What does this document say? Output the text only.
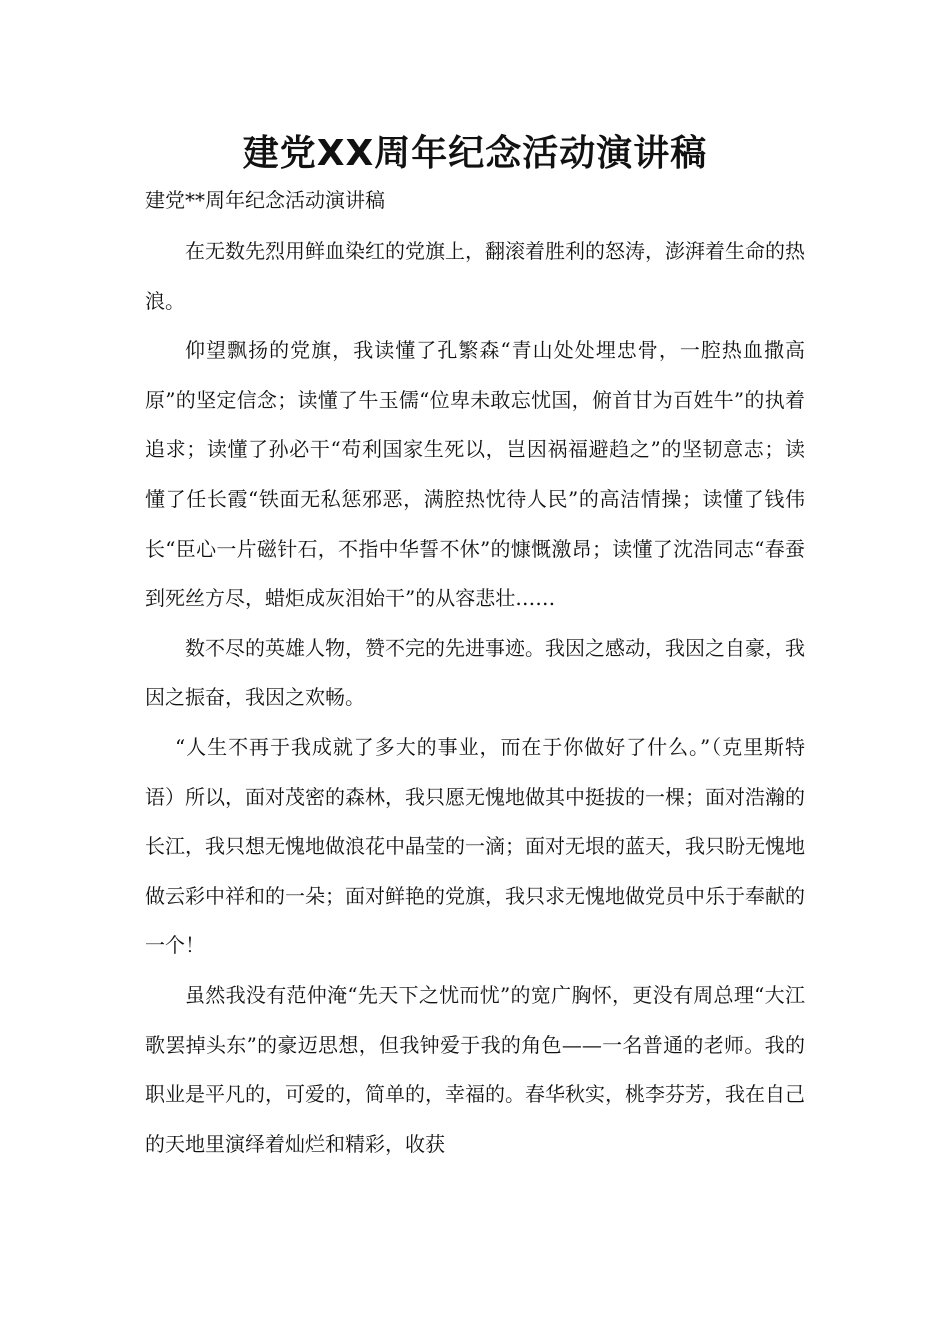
建党XX周年纪念活动演讲稿

建党**周年纪念活动演讲稿

在无数先烈用鲜血染红的党旗上，翻滚着胜利的怒涛，澎湃着生命的热浪。

仰望飘扬的党旗，我读懂了孔繁森“青山处处埋忠骨，一腔热血撒高原”的坚定信念；读懂了牛玉儒“位卑未敢忘忧国，俯首甘为百姓牛”的执着追求；读懂了孙必干“苟利国家生死以，岂因祸福避趋之”的坚韧意志；读懂了任长霞“铁面无私惩邪恶，满腔热忱待人民”的高洁情操；读懂了钱伟长“臣心一片磁针石，不指中华誓不休”的慷慨激昂；读懂了沈浩同志“春蚕到死丝方尽，蜡炬成灰泪始干”的从容悲壮……

数不尽的英雄人物，赞不完的先进事迹。我因之感动，我因之自豪，我因之振奋，我因之欢畅。

“人生不再于我成就了多大的事业，而在于你做好了什么。”（克里斯特语）所以，面对茂密的森林，我只愿无愧地做其中挺拔的一棵；面对浩瀚的长江，我只想无愧地做浪花中晶莹的一滴；面对无垠的蓝天，我只盼无愧地做云彩中祥和的一朵；面对鲜艳的党旗，我只求无愧地做党员中乐于奉献的一个！

虽然我没有范仲淹“先天下之忧而忧”的宽广胸怀，更没有周总理“大江歌罢掉头东”的豪迈思想，但我钟爱于我的角色——一名普通的老师。我的职业是平凡的，可爱的，简单的，幸福的。春华秋实，桃李芬芳，我在自己的天地里演绎着灿烂和精彩，收获
